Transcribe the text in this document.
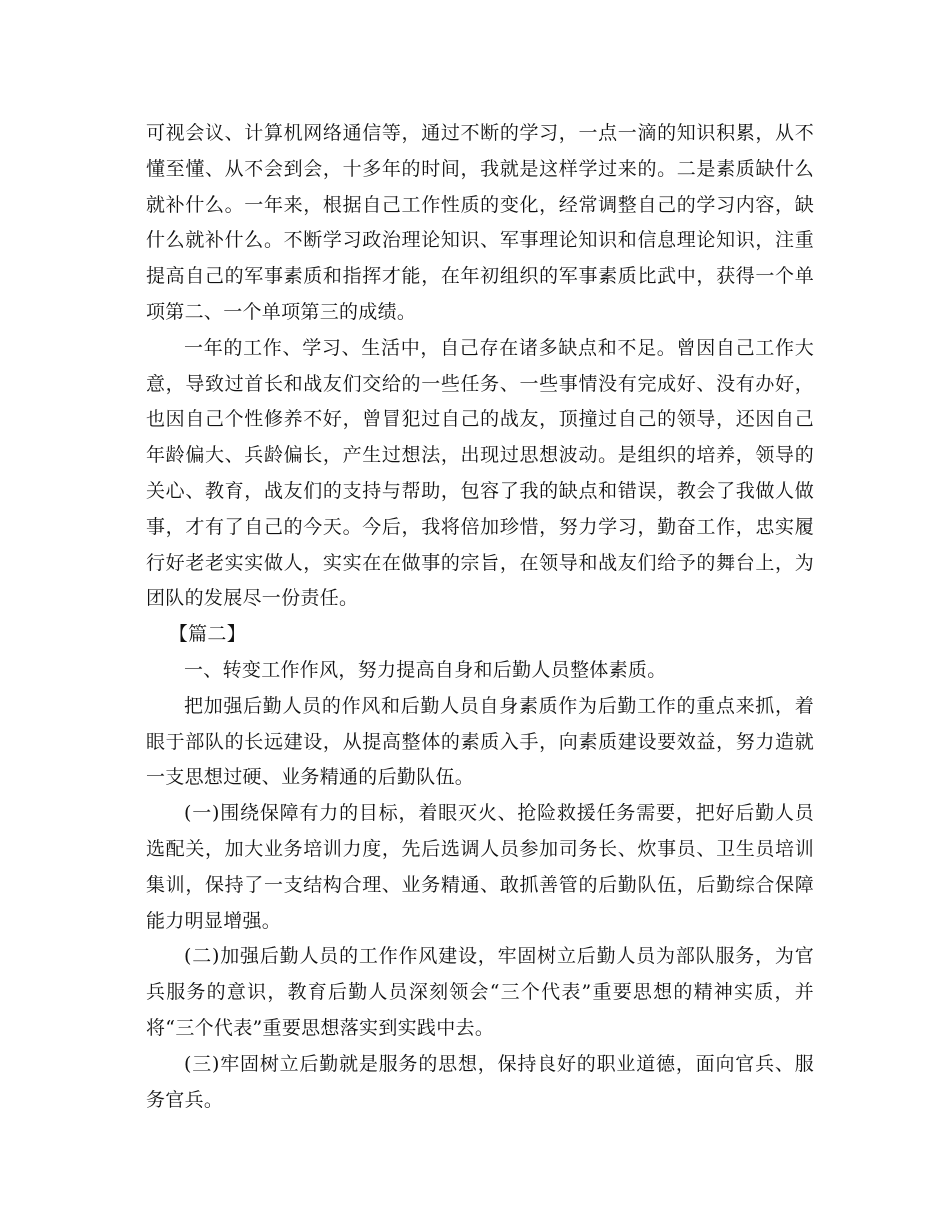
可视会议、计算机网络通信等，通过不断的学习，一点一滴的知识积累，从不懂至懂、从不会到会，十多年的时间，我就是这样学过来的。二是素质缺什么就补什么。一年来，根据自己工作性质的变化，经常调整自己的学习内容，缺什么就补什么。不断学习政治理论知识、军事理论知识和信息理论知识，注重提高自己的军事素质和指挥才能，在年初组织的军事素质比武中，获得一个单项第二、一个单项第三的成绩。

一年的工作、学习、生活中，自己存在诸多缺点和不足。曾因自己工作大意，导致过首长和战友们交给的一些任务、一些事情没有完成好、没有办好，也因自己个性修养不好，曾冒犯过自己的战友，顶撞过自己的领导，还因自己年龄偏大、兵龄偏长，产生过想法，出现过思想波动。是组织的培养，领导的关心、教育，战友们的支持与帮助，包容了我的缺点和错误，教会了我做人做事，才有了自己的今天。今后，我将倍加珍惜，努力学习，勤奋工作，忠实履行好老老实实做人，实实在在做事的宗旨，在领导和战友们给予的舞台上，为团队的发展尽一份责任。

【篇二】

一、转变工作作风，努力提高自身和后勤人员整体素质。

把加强后勤人员的作风和后勤人员自身素质作为后勤工作的重点来抓，着眼于部队的长远建设，从提高整体的素质入手，向素质建设要效益，努力造就一支思想过硬、业务精通的后勤队伍。

(一)围绕保障有力的目标，着眼灭火、抢险救援任务需要，把好后勤人员选配关，加大业务培训力度，先后选调人员参加司务长、炊事员、卫生员培训集训，保持了一支结构合理、业务精通、敢抓善管的后勤队伍，后勤综合保障能力明显增强。

(二)加强后勤人员的工作作风建设，牢固树立后勤人员为部队服务，为官兵服务的意识，教育后勤人员深刻领会“三个代表”重要思想的精神实质，并将“三个代表”重要思想落实到实践中去。

(三)牢固树立后勤就是服务的思想，保持良好的职业道德，面向官兵、服务官兵。
